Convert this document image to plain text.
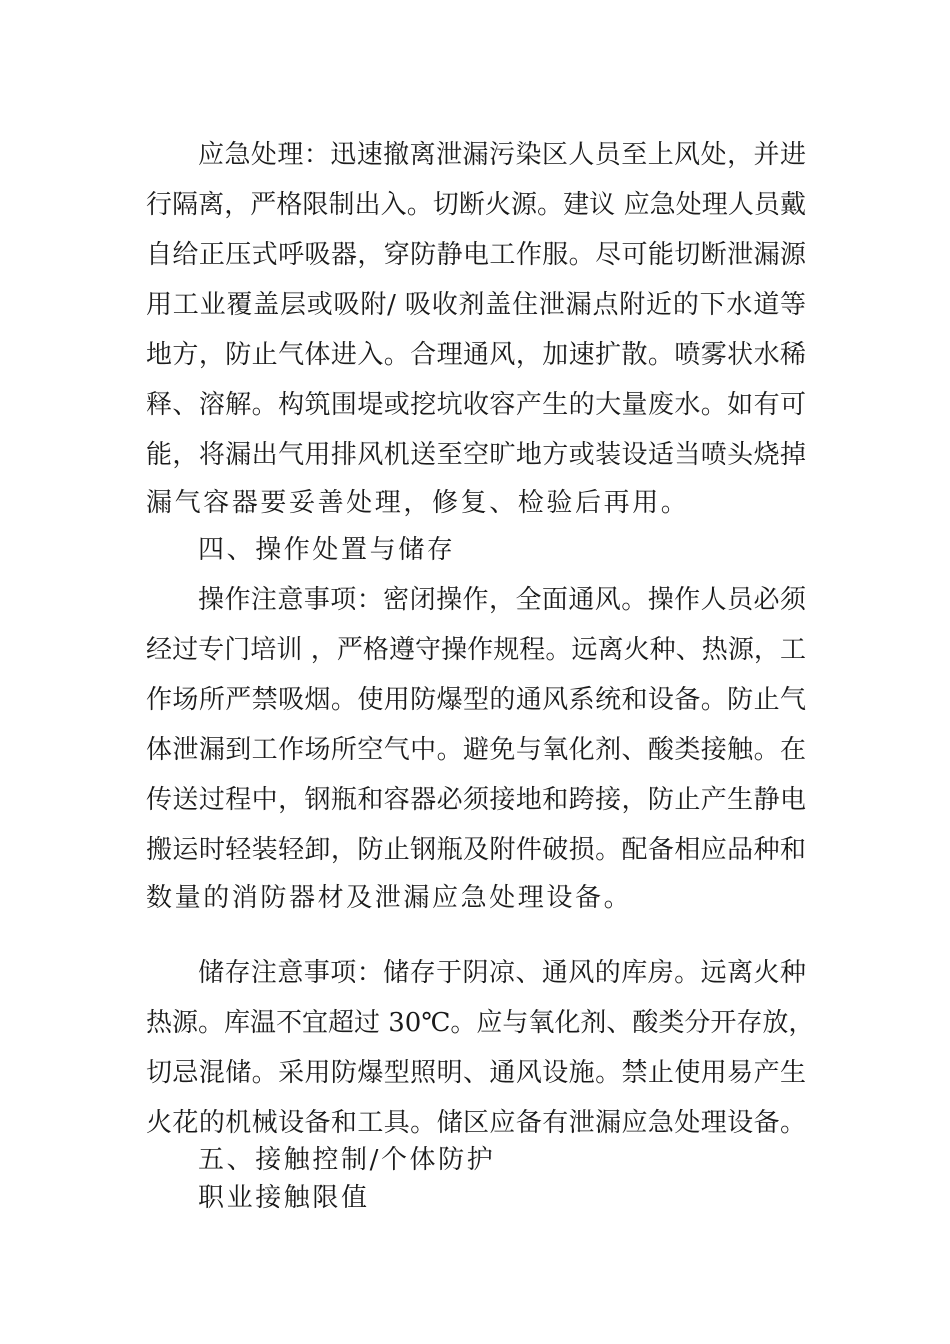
应急处理：迅速撤离泄漏污染区人员至上风处，并进
行隔离，严格限制出入。切断火源。建议 应急处理人员戴
自给正压式呼吸器，穿防静电工作服。尽可能切断泄漏源
用工业覆盖层或吸附/ 吸收剂盖住泄漏点附近的下水道等
地方，防止气体进入。合理通风，加速扩散。喷雾状水稀
释、溶解。构筑围堤或挖坑收容产生的大量废水。如有可
能，将漏出气用排风机送至空旷地方或装设适当喷头烧掉
漏气容器要妥善处理，修复、检验后再用。
四、操作处置与储存
操作注意事项：密闭操作，全面通风。操作人员必须
经过专门培训 ，严格遵守操作规程。远离火种、热源，工
作场所严禁吸烟。使用防爆型的通风系统和设备。防止气
体泄漏到工作场所空气中。避免与氧化剂、酸类接触。在
传送过程中，钢瓶和容器必须接地和跨接，防止产生静电
搬运时轻装轻卸，防止钢瓶及附件破损。配备相应品种和
数量的消防器材及泄漏应急处理设备。
储存注意事项：储存于阴凉、通风的库房。远离火种
热源。库温不宜超过 30℃。应与氧化剂、酸类分开存放，
切忌混储。采用防爆型照明、通风设施。禁止使用易产生
火花的机械设备和工具。储区应备有泄漏应急处理设备。
五、接触控制/个体防护
职业接触限值
